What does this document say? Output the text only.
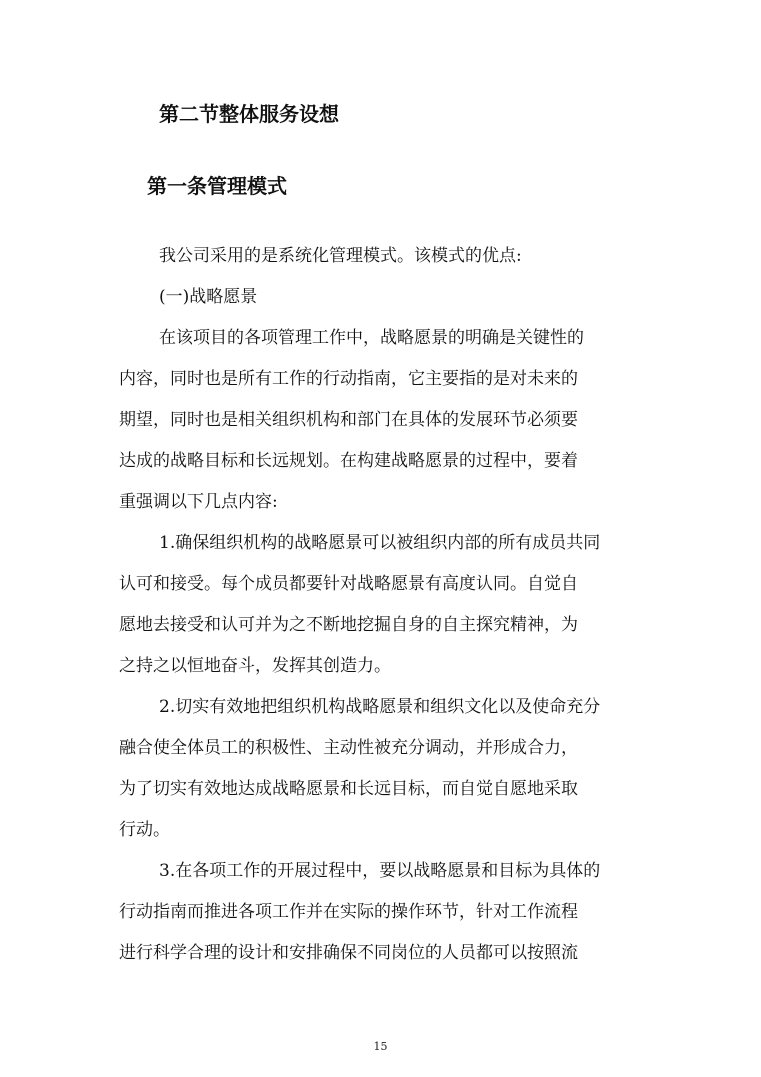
第二节整体服务设想
第一条管理模式

我公司采用的是系统化管理模式。该模式的优点:

(一)战略愿景

在该项目的各项管理工作中，战略愿景的明确是关键性的
内容，同时也是所有工作的行动指南，它主要指的是对未来的
期望，同时也是相关组织机构和部门在具体的发展环节必须要
达成的战略目标和长远规划。在构建战略愿景的过程中，要着
重强调以下几点内容:

1.确保组织机构的战略愿景可以被组织内部的所有成员共同
认可和接受。每个成员都要针对战略愿景有高度认同。自觉自
愿地去接受和认可并为之不断地挖掘自身的自主探究精神，为
之持之以恒地奋斗，发挥其创造力。

2.切实有效地把组织机构战略愿景和组织文化以及使命充分
融合使全体员工的积极性、主动性被充分调动，并形成合力，
为了切实有效地达成战略愿景和长远目标，而自觉自愿地采取
行动。

3.在各项工作的开展过程中，要以战略愿景和目标为具体的
行动指南而推进各项工作并在实际的操作环节，针对工作流程
进行科学合理的设计和安排确保不同岗位的人员都可以按照流

15
